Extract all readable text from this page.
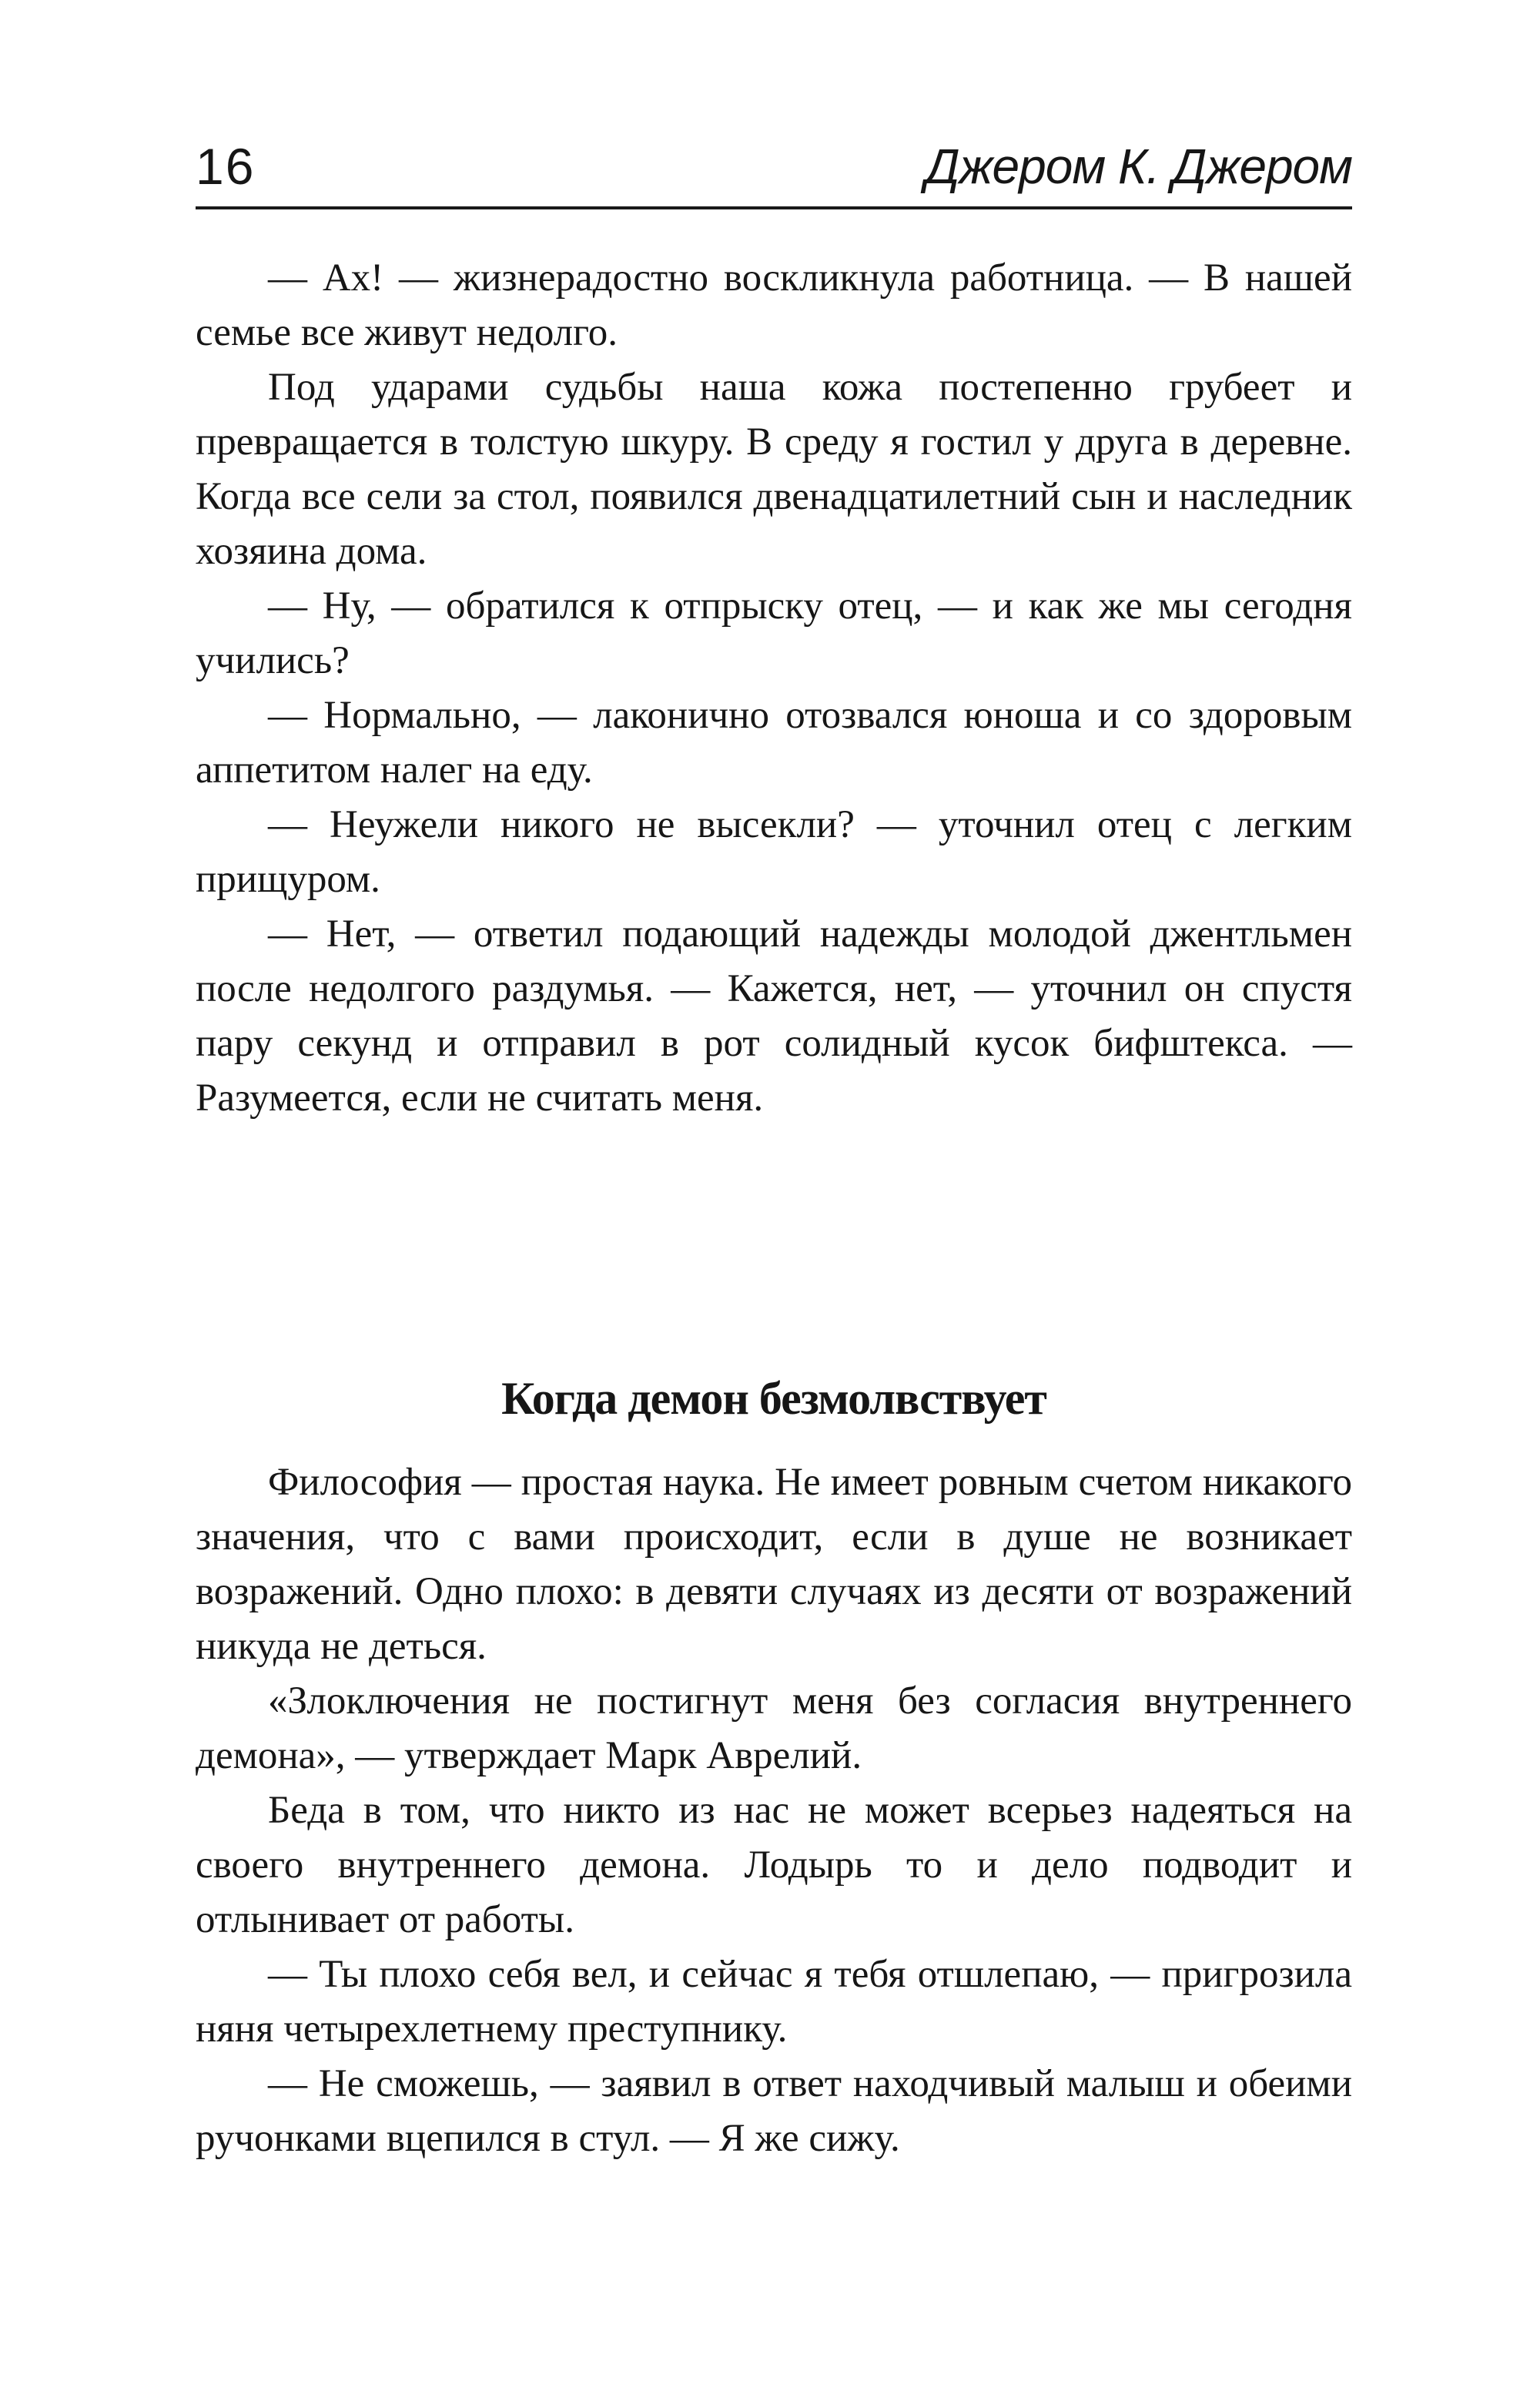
16	Джером К. Джером

— Ах! — жизнерадостно воскликнула работница. — В нашей семье все живут недолго.

Под ударами судьбы наша кожа постепенно грубеет и превращается в толстую шкуру. В среду я гостил у друга в деревне. Когда все сели за стол, появился двенадцатилетний сын и наследник хозяина дома.

— Ну, — обратился к отпрыску отец, — и как же мы сегодня учились?

— Нормально, — лаконично отозвался юноша и со здоровым аппетитом налег на еду.

— Неужели никого не высекли? — уточнил отец с легким прищуром.

— Нет, — ответил подающий надежды молодой джентльмен после недолгого раздумья. — Кажется, нет, — уточнил он спустя пару секунд и отправил в рот солидный кусок бифштекса. — Разумеется, если не считать меня.

Когда демон безмолвствует

Философия — простая наука. Не имеет ровным счетом никакого значения, что с вами происходит, если в душе не возникает возражений. Одно плохо: в девяти случаях из десяти от возражений никуда не деться.

«Злоключения не постигнут меня без согласия внутреннего демона», — утверждает Марк Аврелий.

Беда в том, что никто из нас не может всерьез надеяться на своего внутреннего демона. Лодырь то и дело подводит и отлынивает от работы.

— Ты плохо себя вел, и сейчас я тебя отшлепаю, — пригрозила няня четырехлетнему преступнику.

— Не сможешь, — заявил в ответ находчивый малыш и обеими ручонками вцепился в стул. — Я же сижу.
